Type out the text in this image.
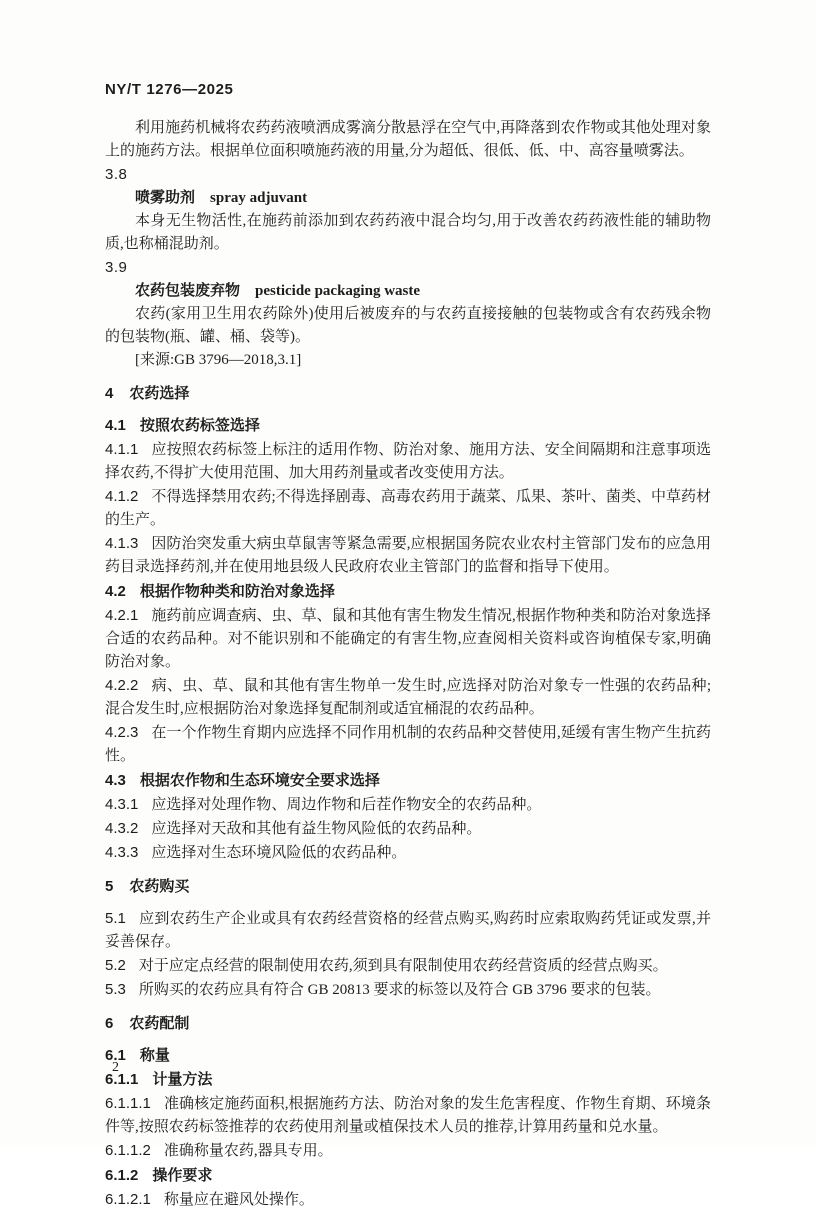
NY/T 1276—2025

利用施药机械将农药药液喷洒成雾滴分散悬浮在空气中,再降落到农作物或其他处理对象上的施药方法。根据单位面积喷施药液的用量,分为超低、很低、低、中、高容量喷雾法。

3.8

喷雾助剂 spray adjuvant

本身无生物活性,在施药前添加到农药药液中混合均匀,用于改善农药药液性能的辅助物质,也称桶混助剂。

3.9

农药包装废弃物 pesticide packaging waste

农药(家用卫生用农药除外)使用后被废弃的与农药直接接触的包装物或含有农药残余物的包装物(瓶、罐、桶、袋等)。

[来源:GB 3796—2018,3.1]

4 农药选择

4.1 按照农药标签选择

4.1.1 应按照农药标签上标注的适用作物、防治对象、施用方法、安全间隔期和注意事项选择农药,不得扩大使用范围、加大用药剂量或者改变使用方法。

4.1.2 不得选择禁用农药;不得选择剧毒、高毒农药用于蔬菜、瓜果、茶叶、菌类、中草药材的生产。

4.1.3 因防治突发重大病虫草鼠害等紧急需要,应根据国务院农业农村主管部门发布的应急用药目录选择药剂,并在使用地县级人民政府农业主管部门的监督和指导下使用。

4.2 根据作物种类和防治对象选择

4.2.1 施药前应调查病、虫、草、鼠和其他有害生物发生情况,根据作物种类和防治对象选择合适的农药品种。对不能识别和不能确定的有害生物,应查阅相关资料或咨询植保专家,明确防治对象。

4.2.2 病、虫、草、鼠和其他有害生物单一发生时,应选择对防治对象专一性强的农药品种;混合发生时,应根据防治对象选择复配制剂或适宜桶混的农药品种。

4.2.3 在一个作物生育期内应选择不同作用机制的农药品种交替使用,延缓有害生物产生抗药性。

4.3 根据农作物和生态环境安全要求选择

4.3.1 应选择对处理作物、周边作物和后茬作物安全的农药品种。

4.3.2 应选择对天敌和其他有益生物风险低的农药品种。

4.3.3 应选择对生态环境风险低的农药品种。

5 农药购买

5.1 应到农药生产企业或具有农药经营资格的经营点购买,购药时应索取购药凭证或发票,并妥善保存。

5.2 对于应定点经营的限制使用农药,须到具有限制使用农药经营资质的经营点购买。

5.3 所购买的农药应具有符合 GB 20813 要求的标签以及符合 GB 3796 要求的包装。

6 农药配制

6.1 称量

6.1.1 计量方法

6.1.1.1 准确核定施药面积,根据施药方法、防治对象的发生危害程度、作物生育期、环境条件等,按照农药标签推荐的农药使用剂量或植保技术人员的推荐,计算用药量和兑水量。

6.1.1.2 准确称量农药,器具专用。

6.1.2 操作要求

6.1.2.1 称量应在避风处操作。

2
